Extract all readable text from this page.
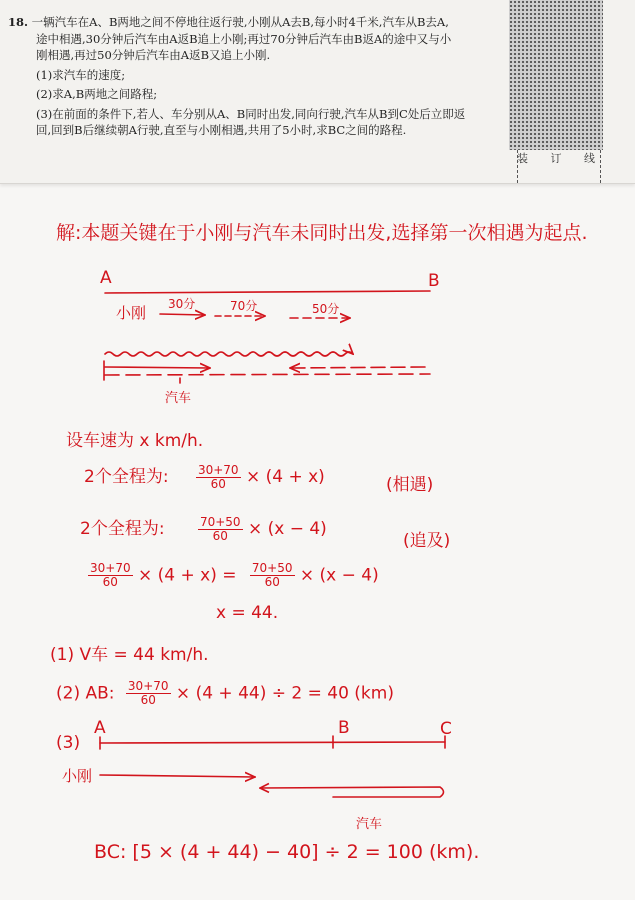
18. 一辆汽车在A、B两地之间不停地往返行驶,小刚从A去B,每小时4千米,汽车从B去A,
途中相遇,30分钟后汽车由A返B追上小刚;再过70分钟后汽车由B返A的途中又与小
刚相遇,再过50分钟后汽车由A返B又追上小刚.
(1)求汽车的速度;
(2)求A,B两地之间路程;
(3)在前面的条件下,若人、车分别从A、B同时出发,同向行驶,汽车从B到C处后立即返
回,回到B后继续朝A行驶,直至与小刚相遇,共用了5小时,求BC之间的路程.
装 订 线
解:本题关键在于小刚与汽车未同时出发,选择第一次相遇为起点.
A	B
小刚 30分	70分	50分
汽车
设车速为 x km/h.
2个全程为: $\frac{30+70}{60} \times (4 + x)$	(相遇)
2个全程为:	$\frac{70+50}{60} \times (x - 4)$
(追及)
$\frac{30+70}{60} \times (4 + x) = \frac{70+50}{60} \times (x - 4)$
x = 44.
(1) V车 = 44 km/h.
(2) AB: $\frac{30+70}{60} \times (4 + 44) \div 2 = 40$ (km)
(3)
A	B	C
小刚
汽车
BC: [5 × (4 + 44) − 40] ÷ 2 = 100 (km).
